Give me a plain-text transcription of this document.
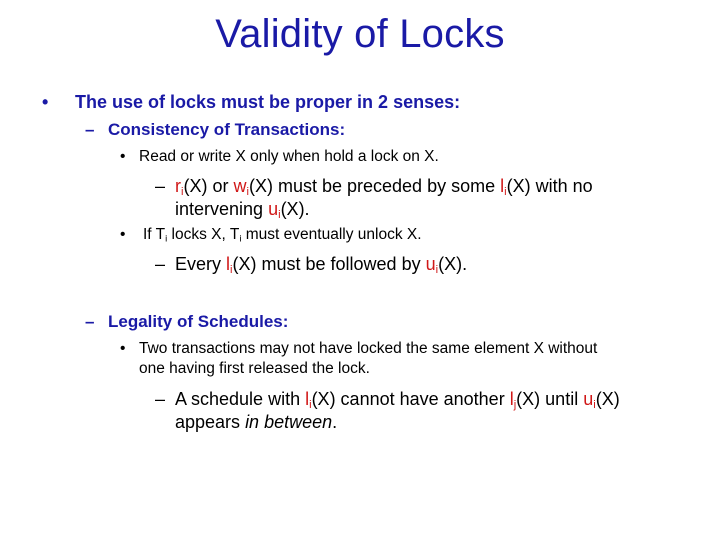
Validity of Locks
• The use of locks must be proper in 2 senses:
– Consistency of Transactions:
• Read or write X only when hold a lock on X.
– $r_i(X)$ or $w_i(X)$ must be preceded by some $l_i(X)$ with no
intervening $u_i(X)$.
• If $T_i$ locks X, $T_i$ must eventually unlock X.
– Every $l_i(X)$ must be followed by $u_i(X)$.
– Legality of Schedules:
• Two transactions may not have locked the same element X without
one having first released the lock.
– A schedule with $l_i(X)$ cannot have another $l_j(X)$ until $u_i(X)$
appears in between.
